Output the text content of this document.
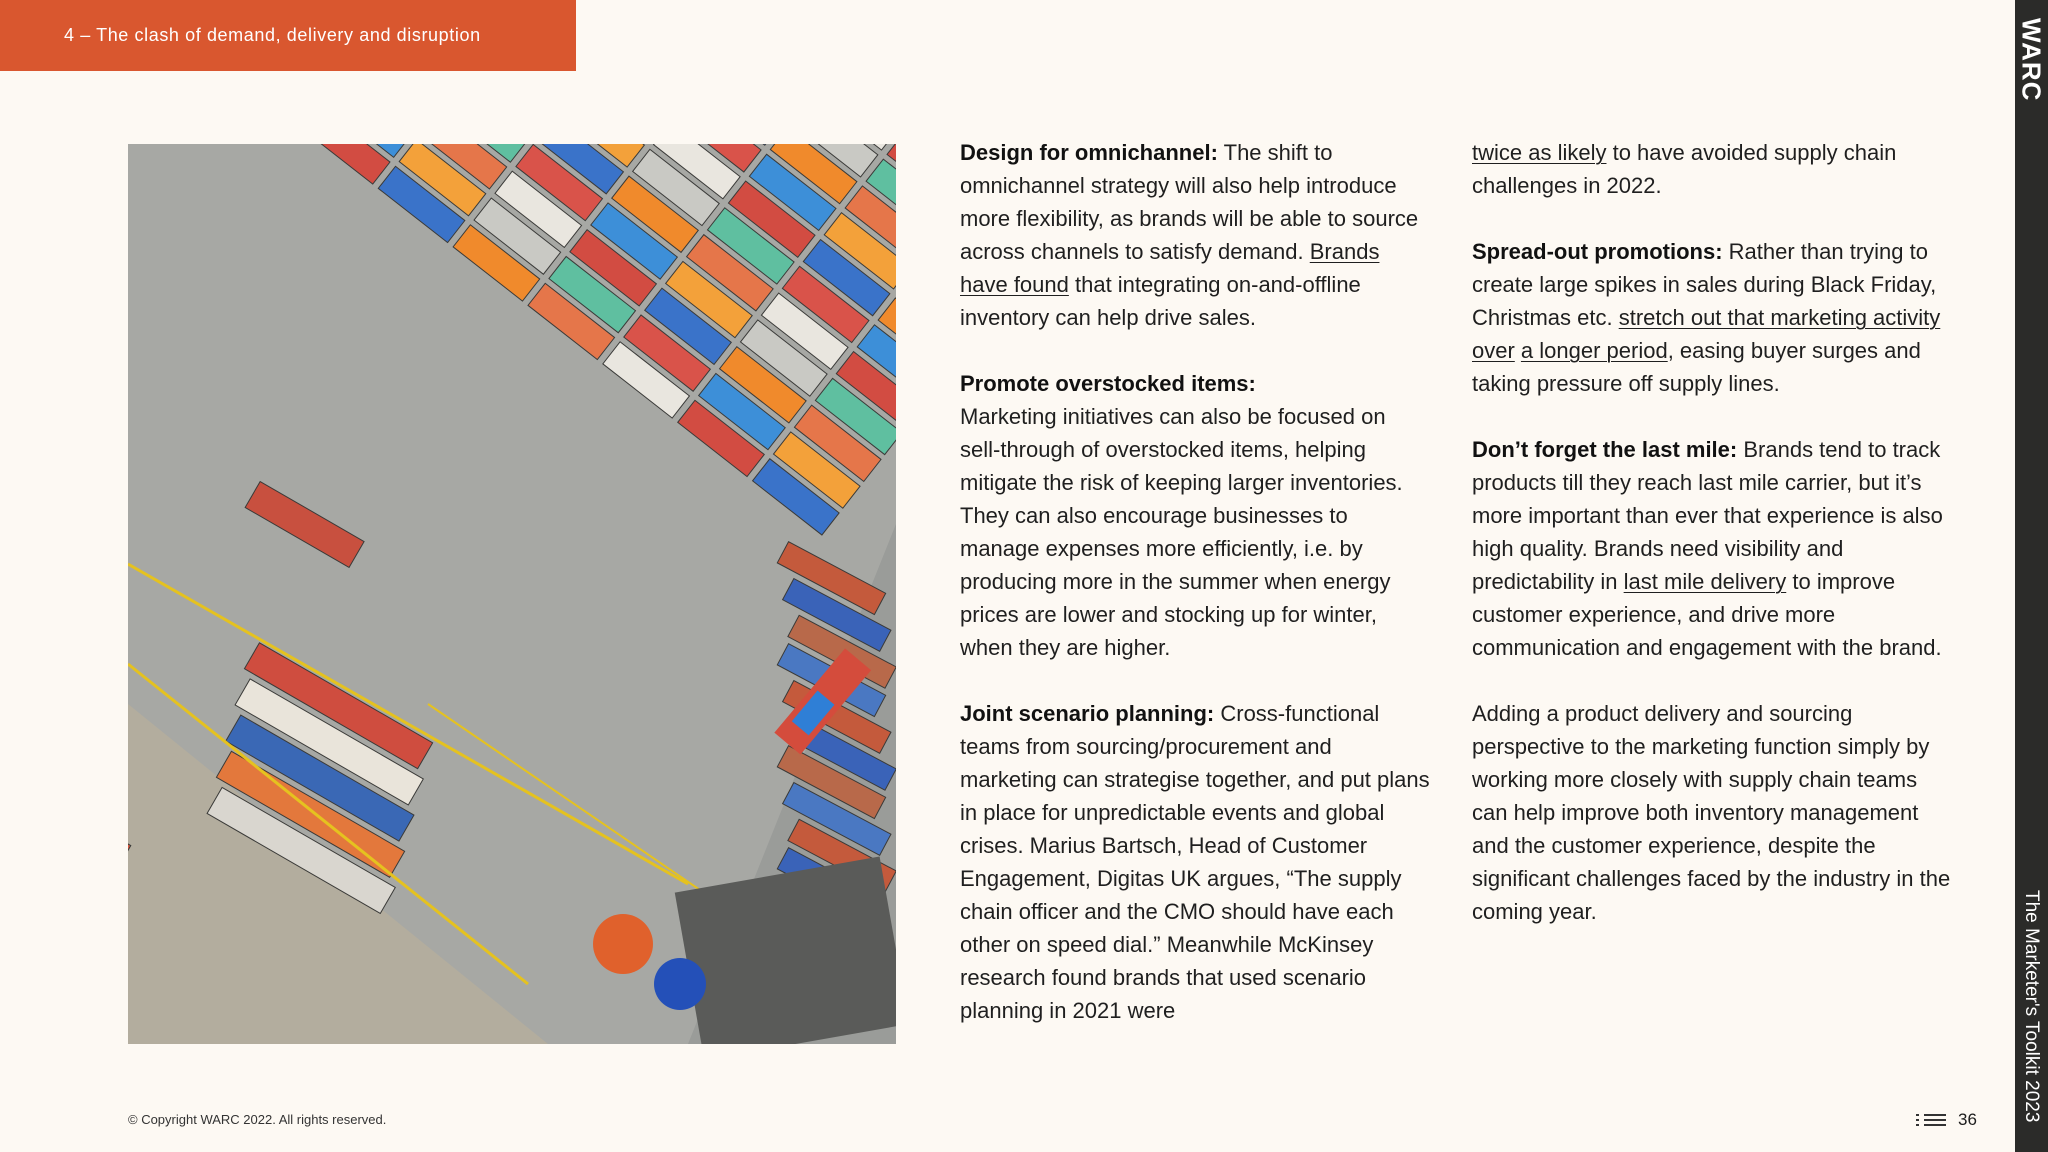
4 – The clash of demand, delivery and disruption	WARC
The Marketer's Toolkit 2023

Design for omnichannel: The shift to omnichannel strategy will also help introduce more flexibility, as brands will be able to source across channels to satisfy demand. Brands have found that integrating on-and-offline inventory can help drive sales.

Promote overstocked items:
Marketing initiatives can also be focused on sell-through of overstocked items, helping mitigate the risk of keeping larger inventories. They can also encourage businesses to manage expenses more efficiently, i.e. by producing more in the summer when energy prices are lower and stocking up for winter, when they are higher.

Joint scenario planning: Cross-functional teams from sourcing/procurement and marketing can strategise together, and put plans in place for unpredictable events and global crises. Marius Bartsch, Head of Customer Engagement, Digitas UK argues, “The supply chain officer and the CMO should have each other on speed dial.” Meanwhile McKinsey research found brands that used scenario planning in 2021 were

twice as likely to have avoided supply chain challenges in 2022.

Spread-out promotions: Rather than trying to create large spikes in sales during Black Friday, Christmas etc. stretch out that marketing activity over a longer period, easing buyer surges and taking pressure off supply lines.

Don’t forget the last mile: Brands tend to track products till they reach last mile carrier, but it’s more important than ever that experience is also high quality. Brands need visibility and predictability in last mile delivery to improve customer experience, and drive more communication and engagement with the brand.

Adding a product delivery and sourcing perspective to the marketing function simply by working more closely with supply chain teams can help improve both inventory management and the customer experience, despite the significant challenges faced by the industry in the coming year.

© Copyright WARC 2022. All rights reserved.	36
